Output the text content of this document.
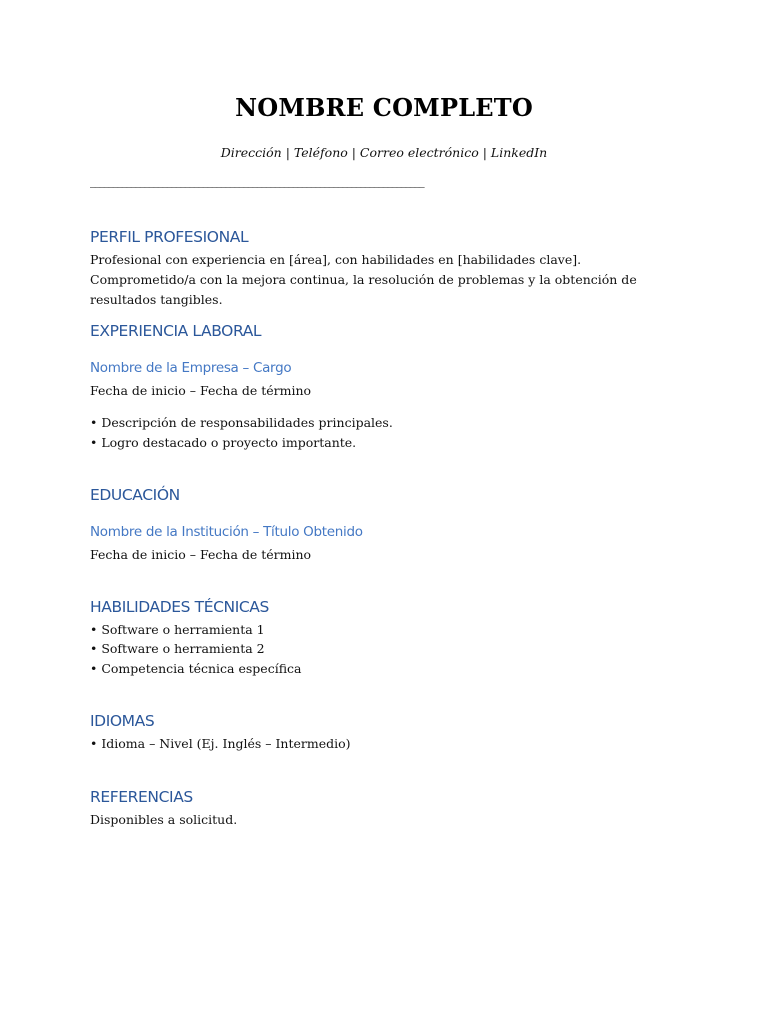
NOMBRE COMPLETO
Dirección | Teléfono | Correo electrónico | LinkedIn
__________________________________________________________________________
PERFIL PROFESIONAL
Profesional con experiencia en [área], con habilidades en [habilidades clave]. Comprometido/a con la mejora continua, la resolución de problemas y la obtención de resultados tangibles.
EXPERIENCIA LABORAL
Nombre de la Empresa – Cargo
Fecha de inicio – Fecha de término
• Descripción de responsabilidades principales.
• Logro destacado o proyecto importante.
EDUCACIÓN
Nombre de la Institución – Título Obtenido
Fecha de inicio – Fecha de término
HABILIDADES TÉCNICAS
• Software o herramienta 1
• Software o herramienta 2
• Competencia técnica específica
IDIOMAS
• Idioma – Nivel (Ej. Inglés – Intermedio)
REFERENCIAS
Disponibles a solicitud.
